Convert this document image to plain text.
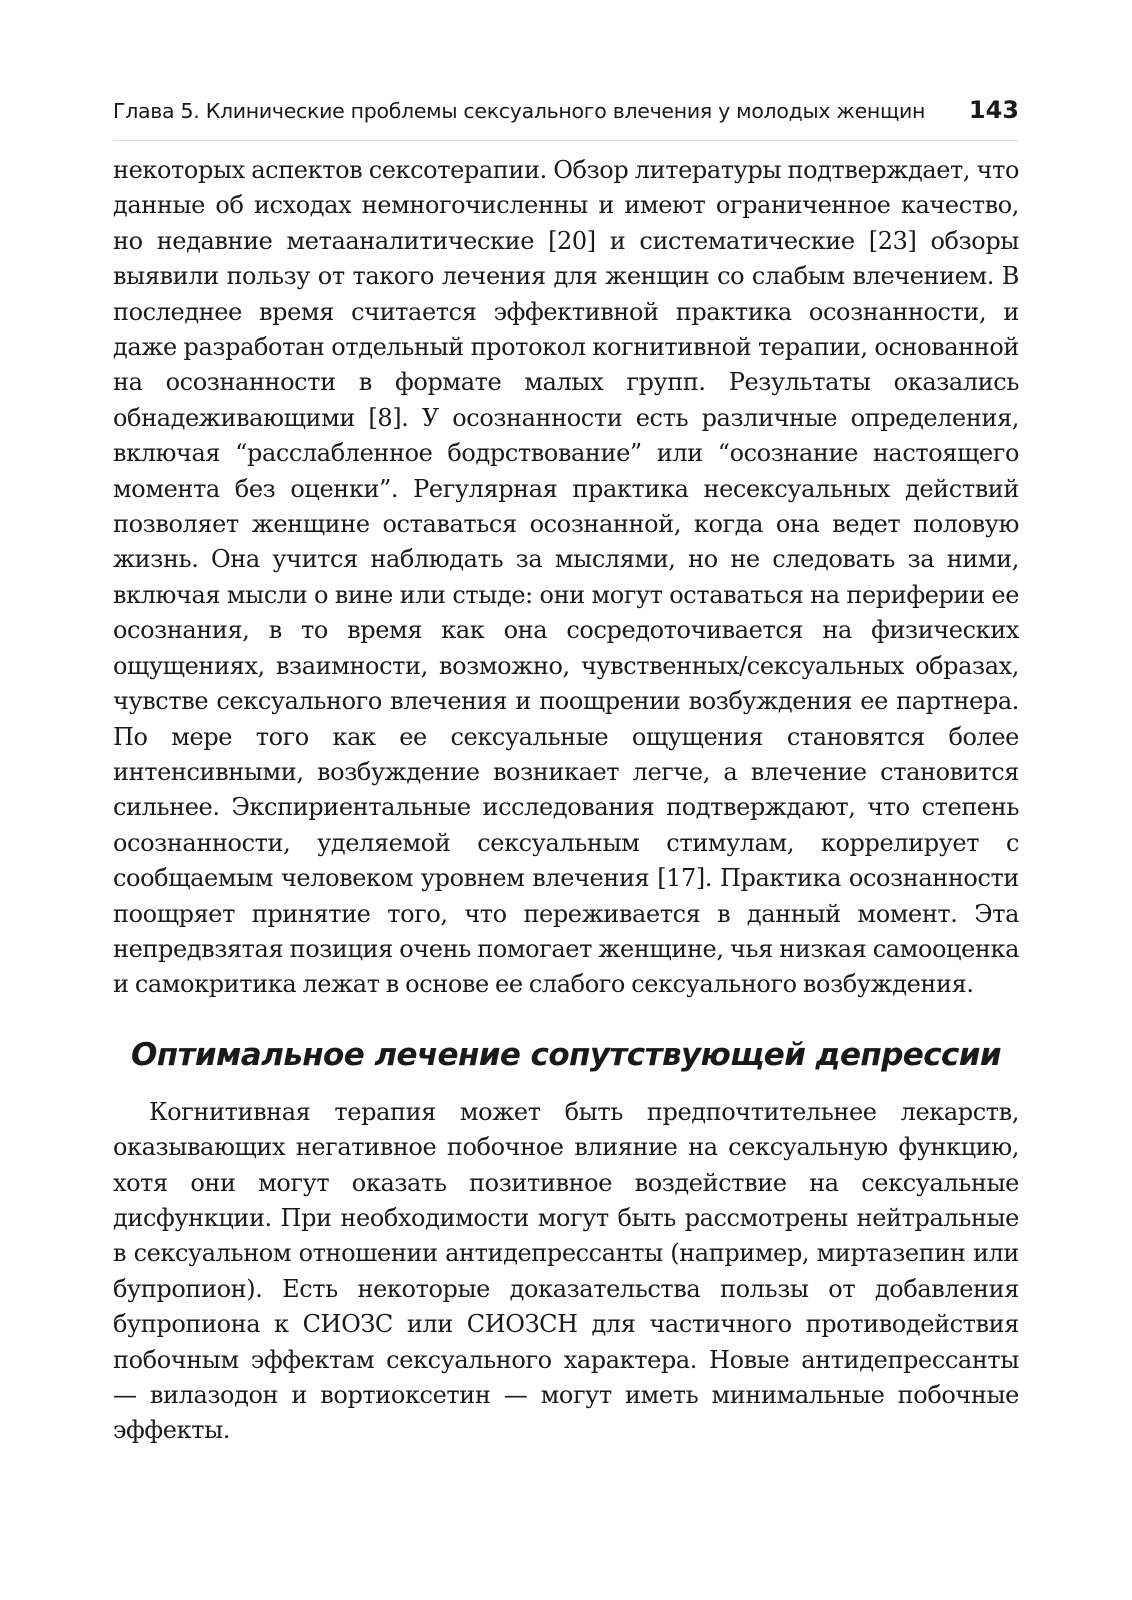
Глава 5. Клинические проблемы сексуального влечения у молодых женщин 143

некоторых аспектов сексотерапии. Обзор литературы подтверждает, что данные об исходах немногочисленны и имеют ограниченное качество, но недавние метааналитические [20] и систематические [23] обзоры выявили пользу от такого лечения для женщин со слабым влечением. В последнее время считается эффективной практика осознанности, и даже разработан отдельный протокол когнитивной терапии, основанной на осознанности в формате малых групп. Результаты оказались обнадеживающими [8]. У осознанности есть различные определения, включая “расслабленное бодрствование” или “осознание настоящего момента без оценки”. Регулярная практика несексуальных действий позволяет женщине оставаться осознанной, когда она ведет половую жизнь. Она учится наблюдать за мыслями, но не следовать за ними, включая мысли о вине или стыде: они могут оставаться на периферии ее осознания, в то время как она сосредоточивается на физических ощущениях, взаимности, возможно, чувственных/сексуальных образах, чувстве сексуального влечения и поощрении возбуждения ее партнера. По мере того как ее сексуальные ощущения становятся более интенсивными, возбуждение возникает легче, а влечение становится сильнее. Экспириентальные исследования подтверждают, что степень осознанности, уделяемой сексуальным стимулам, коррелирует с сообщаемым человеком уровнем влечения [17]. Практика осознанности поощряет принятие того, что переживается в данный момент. Эта непредвзятая позиция очень помогает женщине, чья низкая самооценка и самокритика лежат в основе ее слабого сексуального возбуждения.

Оптимальное лечение сопутствующей депрессии

Когнитивная терапия может быть предпочтительнее лекарств, оказывающих негативное побочное влияние на сексуальную функцию, хотя они могут оказать позитивное воздействие на сексуальные дисфункции. При необходимости могут быть рассмотрены нейтральные в сексуальном отношении антидепрессанты (например, миртазепин или бупропион). Есть некоторые доказательства пользы от добавления бупропиона к СИОЗС или СИОЗСН для частичного противодействия побочным эффектам сексуального характера. Новые антидепрессанты — вилазодон и вортиоксетин — могут иметь минимальные побочные эффекты.
